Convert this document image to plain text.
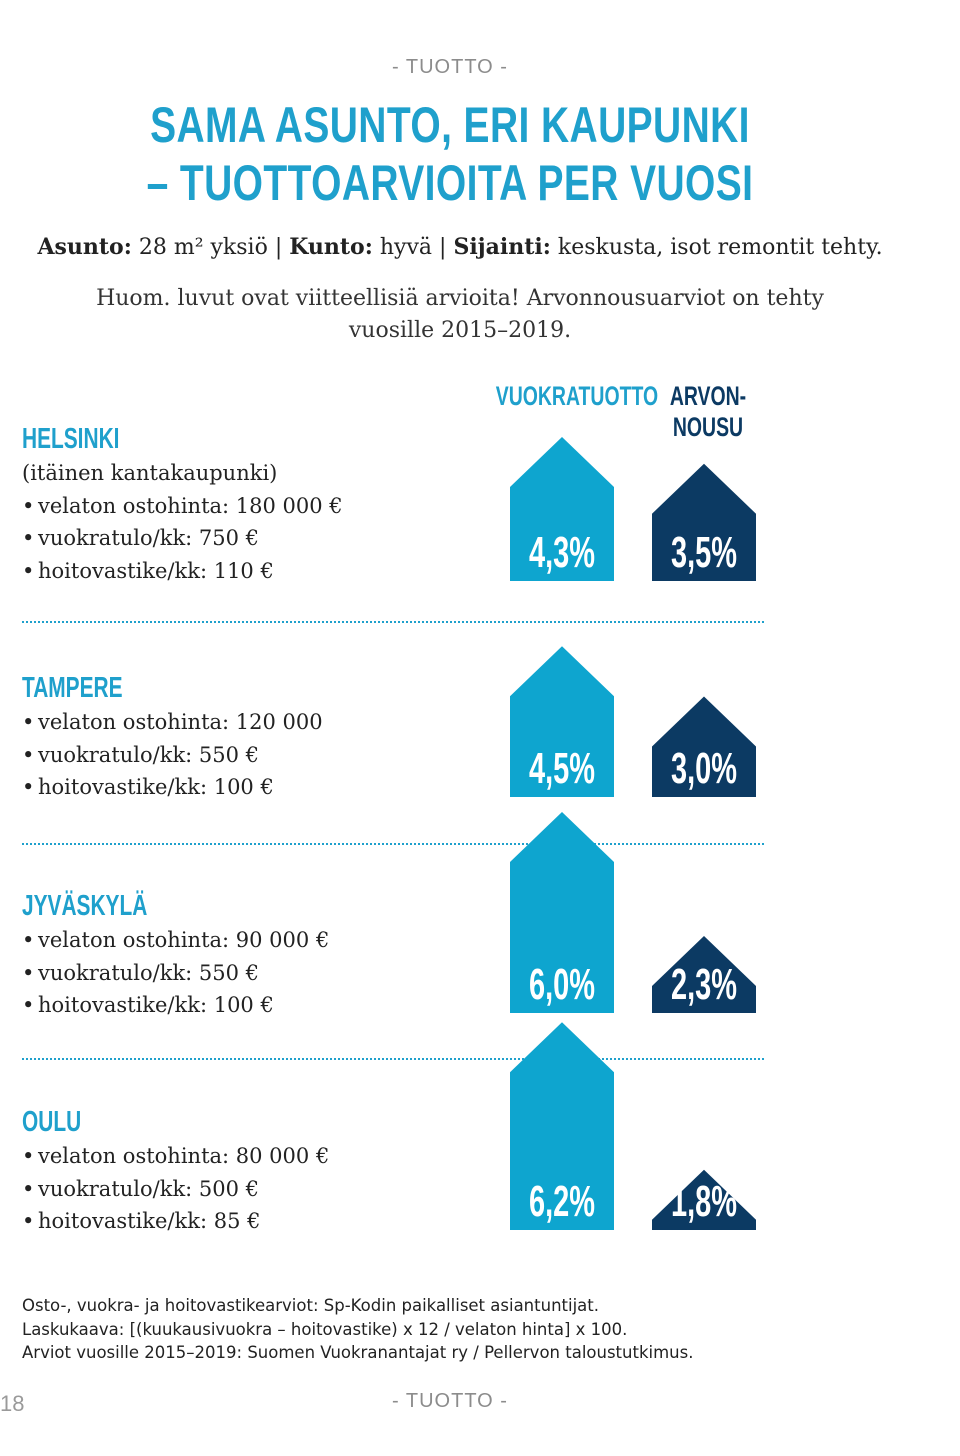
- TUOTTO -
SAMA ASUNTO, ERI KAUPUNKI
– TUOTTOARVIOITA PER VUOSI
Asunto: 28 m² yksiö | Kunto: hyvä | Sijainti: keskusta, isot remontit tehty.
Huom. luvut ovat viitteellisiä arvioita! Arvonnousuarviot on tehty
vuosille 2015–2019.
VUOKRATUOTTO ARVON-
NOUSU
HELSINKI
(itäinen kantakaupunki)
• velaton ostohinta: 180 000 €
• vuokratulo/kk: 750 €
• hoitovastike/kk: 110 €
TAMPERE
• velaton ostohinta: 120 000
• vuokratulo/kk: 550 €
• hoitovastike/kk: 100 €
JYVÄSKYLÄ
• velaton ostohinta: 90 000 €
• vuokratulo/kk: 550 €
• hoitovastike/kk: 100 €
OULU
• velaton ostohinta: 80 000 €
• vuokratulo/kk: 500 €
• hoitovastike/kk: 85 €
4,3%
4,5%
6,0%
6,2%
3,5%
3,0%
2,3%
1,8%
Osto-, vuokra- ja hoitovastikearviot: Sp-Kodin paikalliset asiantuntijat.
Laskukaava: [(kuukausivuokra – hoitovastike) x 12 / velaton hinta] x 100.
Arviot vuosille 2015–2019: Suomen Vuokranantajat ry / Pellervon taloustutkimus.
18	- TUOTTO -
